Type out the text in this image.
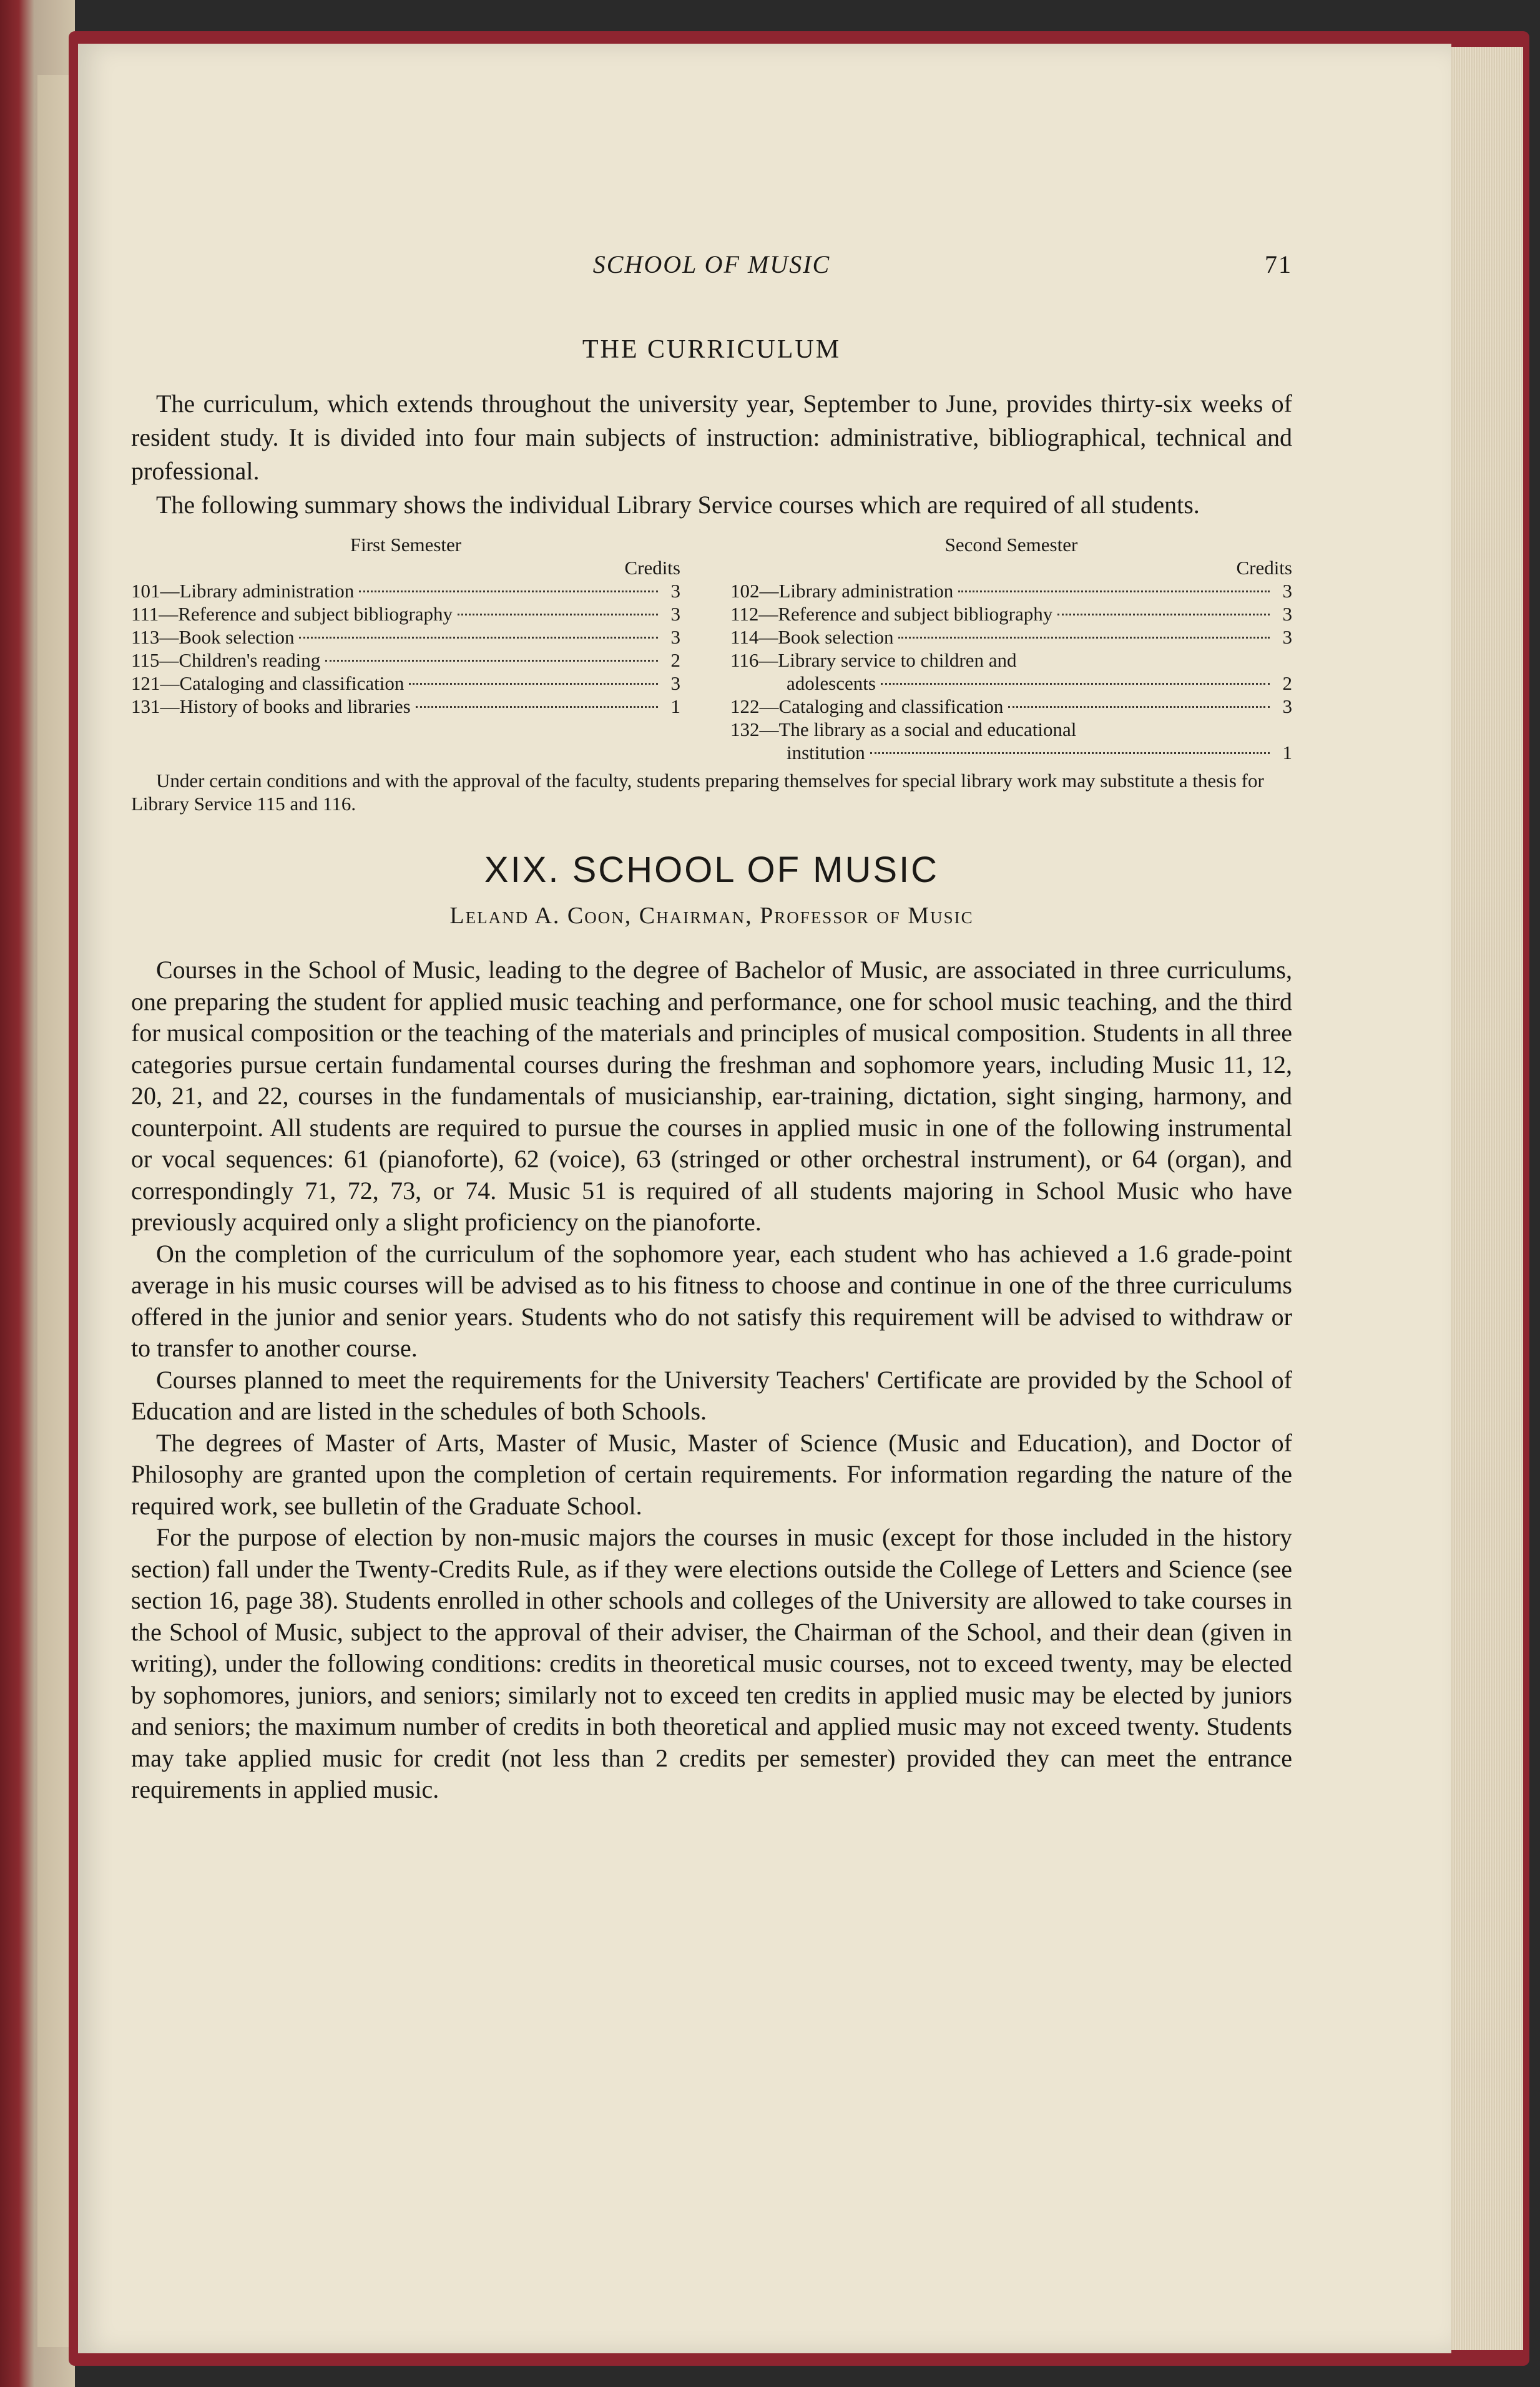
SCHOOL OF MUSIC	71
THE CURRICULUM

The curriculum, which extends throughout the university year, September to June, provides thirty-six weeks of resident study. It is divided into four main subjects of instruction: administrative, bibliographical, technical and professional.

The following summary shows the individual Library Service courses which are required of all students.

First Semester
Credits
101—Library administration	3
111—Reference and subject bibliography	3
113—Book selection	3
115—Children's reading	2
121—Cataloging and classification	3
131—History of books and libraries	1
Second Semester
Credits
102—Library administration	3
112—Reference and subject bibliography	3
114—Book selection	3
116—Library service to children and
adolescents	2
122—Cataloging and classification	3
132—The library as a social and educational
institution	1

Under certain conditions and with the approval of the faculty, students preparing themselves for special library work may substitute a thesis for Library Service 115 and 116.

XIX. SCHOOL OF MUSIC
Leland A. Coon, Chairman, Professor of Music

Courses in the School of Music, leading to the degree of Bachelor of Music, are associated in three curriculums, one preparing the student for applied music teaching and performance, one for school music teaching, and the third for musical composition or the teaching of the materials and principles of musical composition. Students in all three categories pursue certain fundamental courses during the freshman and sophomore years, including Music 11, 12, 20, 21, and 22, courses in the fundamentals of musicianship, ear-training, dictation, sight singing, harmony, and counterpoint. All students are required to pursue the courses in applied music in one of the following instrumental or vocal sequences: 61 (pianoforte), 62 (voice), 63 (stringed or other orchestral instrument), or 64 (organ), and correspondingly 71, 72, 73, or 74. Music 51 is required of all students majoring in School Music who have previously acquired only a slight proficiency on the pianoforte.

On the completion of the curriculum of the sophomore year, each student who has achieved a 1.6 grade-point average in his music courses will be advised as to his fitness to choose and continue in one of the three curriculums offered in the junior and senior years. Students who do not satisfy this requirement will be advised to withdraw or to transfer to another course.

Courses planned to meet the requirements for the University Teachers' Certificate are provided by the School of Education and are listed in the schedules of both Schools.

The degrees of Master of Arts, Master of Music, Master of Science (Music and Education), and Doctor of Philosophy are granted upon the completion of certain requirements. For information regarding the nature of the required work, see bulletin of the Graduate School.

For the purpose of election by non-music majors the courses in music (except for those included in the history section) fall under the Twenty-Credits Rule, as if they were elections outside the College of Letters and Science (see section 16, page 38). Students enrolled in other schools and colleges of the University are allowed to take courses in the School of Music, subject to the approval of their adviser, the Chairman of the School, and their dean (given in writing), under the following conditions: credits in theoretical music courses, not to exceed twenty, may be elected by sophomores, juniors, and seniors; similarly not to exceed ten credits in applied music may be elected by juniors and seniors; the maximum number of credits in both theoretical and applied music may not exceed twenty. Students may take applied music for credit (not less than 2 credits per semester) provided they can meet the entrance requirements in applied music.
